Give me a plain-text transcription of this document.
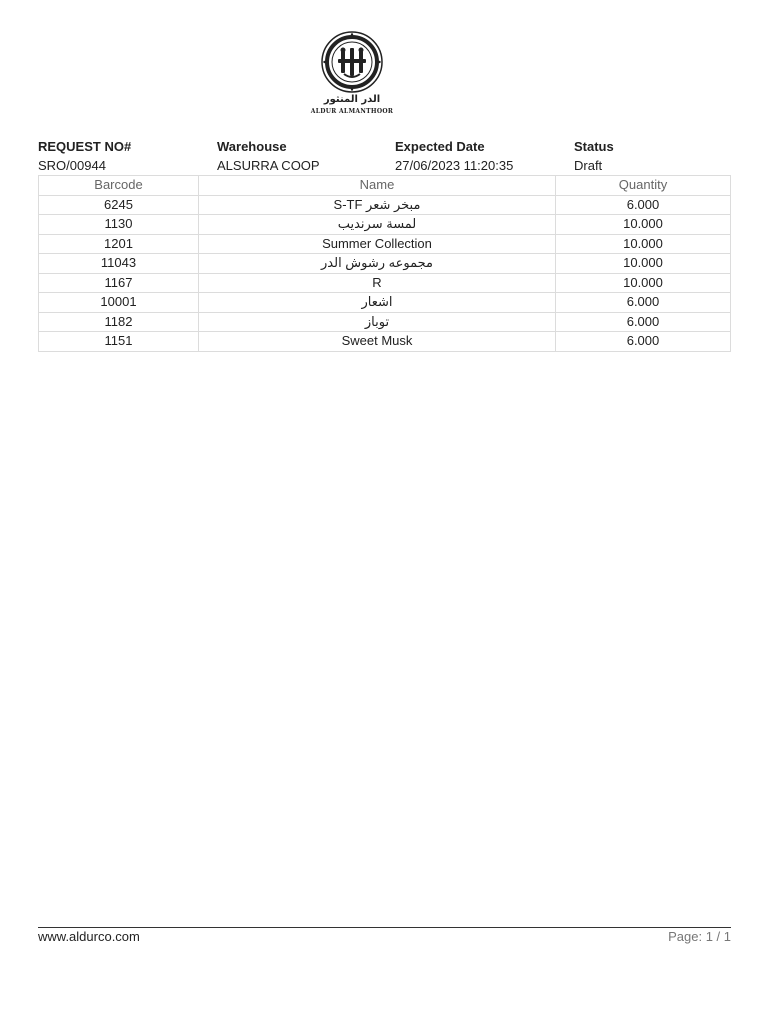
الدر المنثور
ALDUR ALMANTHOOR
REQUEST NO#
SRO/00944
Warehouse
ALSURRA COOP
Expected Date
27/06/2023 11:20:35
Status
Draft
Barcode	Name	Quantity
6245	S-TF مبخر شعر	6.000
1130	لمسة سرنديب	10.000
1201	Summer Collection	10.000
11043	مجموعه رشوش الدر	10.000
1167	R	10.000
10001	اشعار	6.000
1182	توباز	6.000
1151	Sweet Musk	6.000
www.aldurco.com	Page: 1 / 1
